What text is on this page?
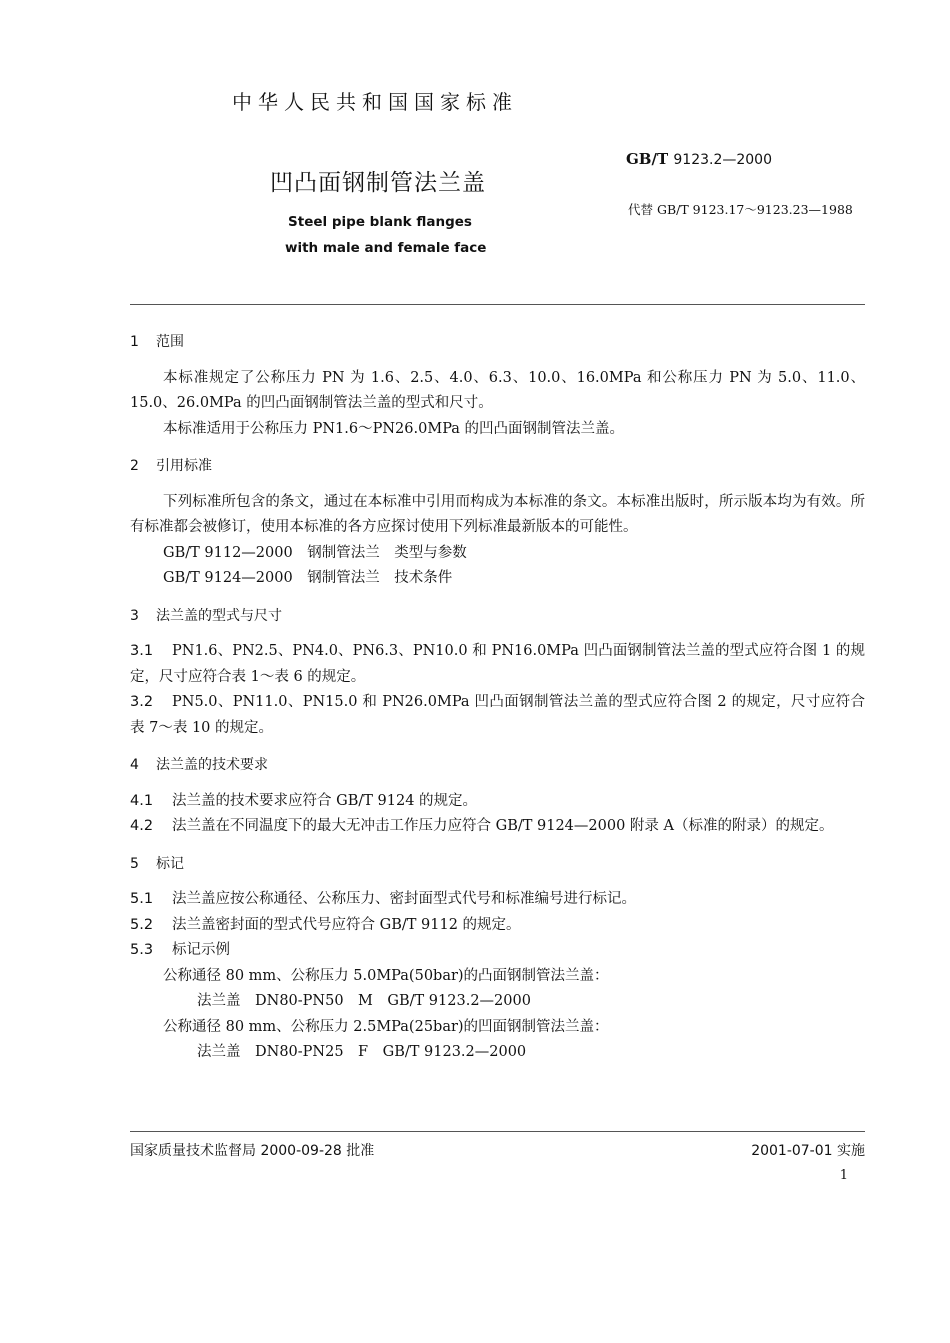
中华人民共和国国家标准
凹凸面钢制管法兰盖
GB/T 9123.2—2000
代替 GB/T 9123.17～9123.23—1988
Steel pipe blank flanges
with male and female face
1 范围

本标准规定了公称压力 PN 为 1.6、2.5、4.0、6.3、10.0、16.0MPa 和公称压力 PN 为 5.0、11.0、15.0、26.0MPa 的凹凸面钢制管法兰盖的型式和尺寸。

本标准适用于公称压力 PN1.6～PN26.0MPa 的凹凸面钢制管法兰盖。

2 引用标准

下列标准所包含的条文，通过在本标准中引用而构成为本标准的条文。本标准出版时，所示版本均为有效。所有标准都会被修订，使用本标准的各方应探讨使用下列标准最新版本的可能性。

GB/T 9112—2000　钢制管法兰　类型与参数

GB/T 9124—2000　钢制管法兰　技术条件

3 法兰盖的型式与尺寸

3.1 PN1.6、PN2.5、PN4.0、PN6.3、PN10.0 和 PN16.0MPa 凹凸面钢制管法兰盖的型式应符合图 1 的规定，尺寸应符合表 1～表 6 的规定。

3.2 PN5.0、PN11.0、PN15.0 和 PN26.0MPa 凹凸面钢制管法兰盖的型式应符合图 2 的规定，尺寸应符合表 7～表 10 的规定。

4 法兰盖的技术要求

4.1 法兰盖的技术要求应符合 GB/T 9124 的规定。

4.2 法兰盖在不同温度下的最大无冲击工作压力应符合 GB/T 9124—2000 附录 A（标准的附录）的规定。

5 标记

5.1 法兰盖应按公称通径、公称压力、密封面型式代号和标准编号进行标记。

5.2 法兰盖密封面的型式代号应符合 GB/T 9112 的规定。

5.3 标记示例

公称通径 80 mm、公称压力 5.0MPa(50bar)的凸面钢制管法兰盖：

法兰盖　DN80-PN50　M　GB/T 9123.2—2000

公称通径 80 mm、公称压力 2.5MPa(25bar)的凹面钢制管法兰盖：

法兰盖　DN80-PN25　F　GB/T 9123.2—2000

国家质量技术监督局 2000-09-28 批准	2001-07-01 实施
1
